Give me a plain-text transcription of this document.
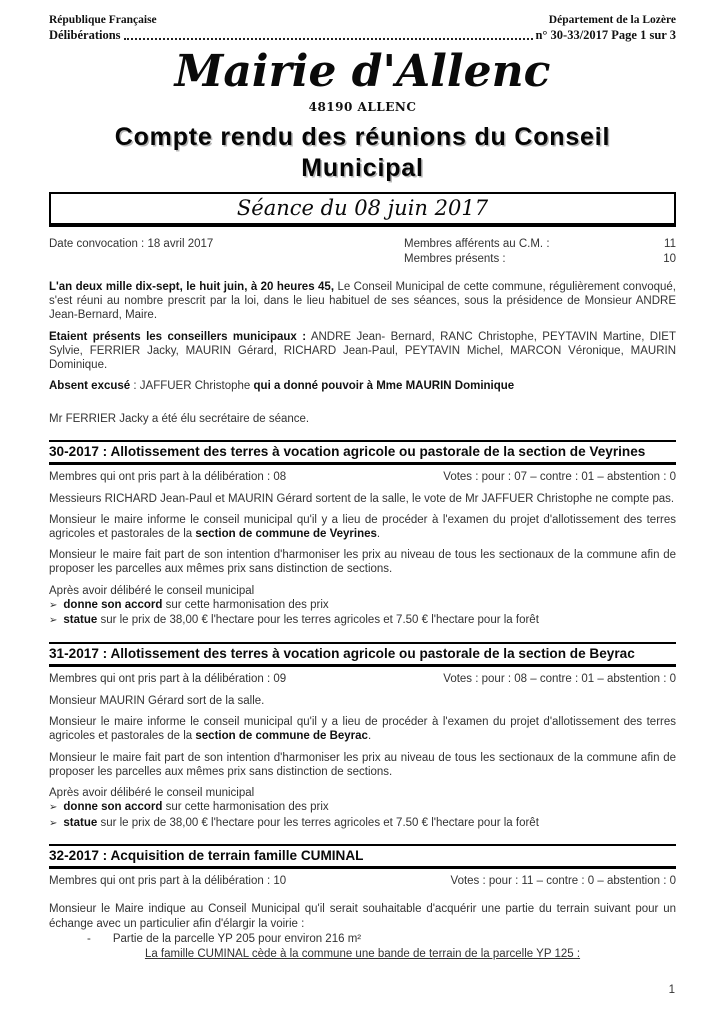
République Française	Département de la Lozère
Délibérations	n° 30-33/2017 Page 1 sur 3
Mairie d'Allenc
48190 ALLENC
Compte rendu des réunions du Conseil Municipal
Séance du 08 juin 2017
Date convocation : 18 avril 2017	Membres afférents au C.M. :	11
Membres présents :	10

L'an deux mille dix-sept, le huit juin, à 20 heures 45, Le Conseil Municipal de cette commune, régulièrement convoqué, s'est réuni au nombre prescrit par la loi, dans le lieu habituel de ses séances, sous la présidence de Monsieur ANDRE Jean-Bernard, Maire.

Etaient présents les conseillers municipaux : ANDRE Jean- Bernard, RANC Christophe, PEYTAVIN Martine, DIET Sylvie, FERRIER Jacky, MAURIN Gérard, RICHARD Jean-Paul, PEYTAVIN Michel, MARCON Véronique, MAURIN Dominique.

Absent excusé : JAFFUER Christophe qui a donné pouvoir à Mme MAURIN Dominique

Mr FERRIER Jacky a été élu secrétaire de séance.

30-2017 : Allotissement des terres à vocation agricole ou pastorale de la section de Veyrines
Membres qui ont pris part à la délibération : 08	Votes : pour : 07 – contre : 01 – abstention : 0

Messieurs RICHARD Jean-Paul et MAURIN Gérard sortent de la salle, le vote de Mr JAFFUER Christophe ne compte pas.

Monsieur le maire informe le conseil municipal qu'il y a lieu de procéder à l'examen du projet d'allotissement des terres agricoles et pastorales de la section de commune de Veyrines.

Monsieur le maire fait part de son intention d'harmoniser les prix au niveau de tous les sectionaux de la commune afin de proposer les parcelles aux mêmes prix sans distinction de sections.

Après avoir délibéré le conseil municipal

➢ donne son accord sur cette harmonisation des prix
➢ statue sur le prix de 38,00 € l'hectare pour les terres agricoles et 7.50 € l'hectare pour la forêt
31-2017 : Allotissement des terres à vocation agricole ou pastorale de la section de Beyrac
Membres qui ont pris part à la délibération : 09	Votes : pour : 08 – contre : 01 – abstention : 0

Monsieur MAURIN Gérard sort de la salle.

Monsieur le maire informe le conseil municipal qu'il y a lieu de procéder à l'examen du projet d'allotissement des terres agricoles et pastorales de la section de commune de Beyrac.

Monsieur le maire fait part de son intention d'harmoniser les prix au niveau de tous les sectionaux de la commune afin de proposer les parcelles aux mêmes prix sans distinction de sections.

Après avoir délibéré le conseil municipal

➢ donne son accord sur cette harmonisation des prix
➢ statue sur le prix de 38,00 € l'hectare pour les terres agricoles et 7.50 € l'hectare pour la forêt
32-2017 : Acquisition de terrain famille CUMINAL
Membres qui ont pris part à la délibération : 10	Votes : pour : 11 – contre : 0 – abstention : 0

Monsieur le Maire indique au Conseil Municipal qu'il serait souhaitable d'acquérir une partie du terrain suivant pour un échange avec un particulier afin d'élargir la voirie :

- Partie de la parcelle YP 205 pour environ 216 m²
La famille CUMINAL cède à la commune une bande de terrain de la parcelle YP 125 :
1
